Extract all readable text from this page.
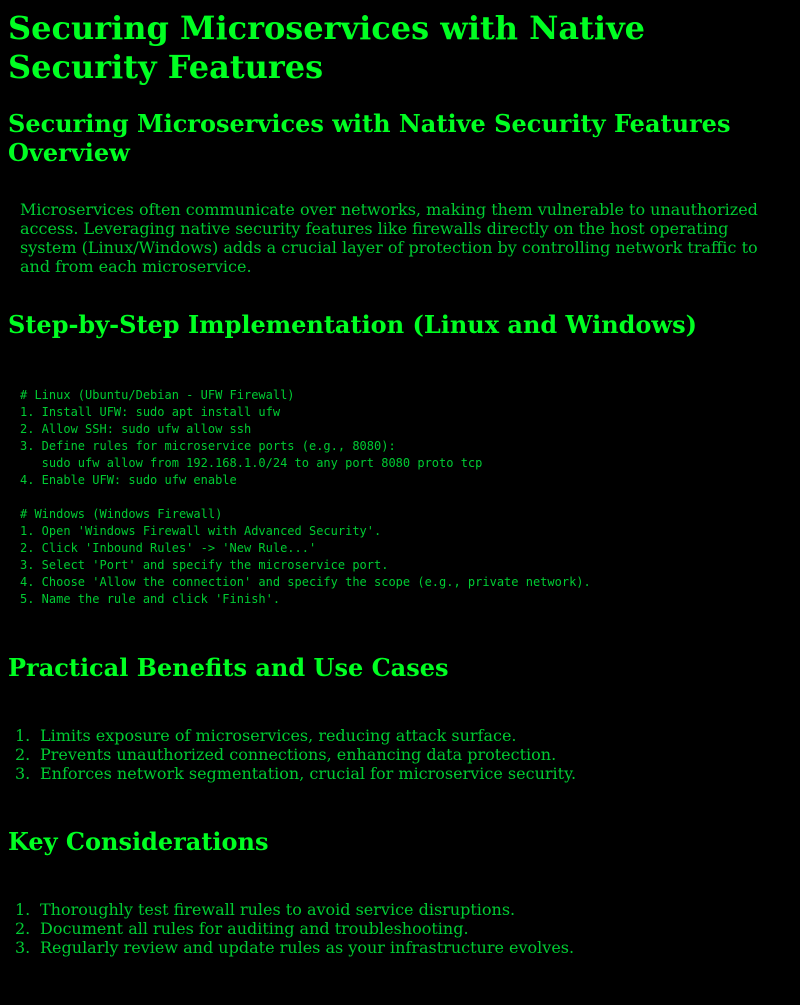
Securing Microservices with Native Security Features
Securing Microservices with Native Security Features Overview

Microservices often communicate over networks, making them vulnerable to unauthorized access. Leveraging native security features like firewalls directly on the host operating system (Linux/Windows) adds a crucial layer of protection by controlling network traffic to and from each microservice.

Step-by-Step Implementation (Linux and Windows)
# Linux (Ubuntu/Debian - UFW Firewall)
1. Install UFW: sudo apt install ufw
2. Allow SSH: sudo ufw allow ssh
3. Define rules for microservice ports (e.g., 8080):
sudo ufw allow from 192.168.1.0/24 to any port 8080 proto tcp
4. Enable UFW: sudo ufw enable

# Windows (Windows Firewall)
1. Open 'Windows Firewall with Advanced Security'.
2. Click 'Inbound Rules' -> 'New Rule...'
3. Select 'Port' and specify the microservice port.
4. Choose 'Allow the connection' and specify the scope (e.g., private network).
5. Name the rule and click 'Finish'.
Practical Benefits and Use Cases
1. Limits exposure of microservices, reducing attack surface.
2. Prevents unauthorized connections, enhancing data protection.
3. Enforces network segmentation, crucial for microservice security.
Key Considerations
1. Thoroughly test firewall rules to avoid service disruptions.
2. Document all rules for auditing and troubleshooting.
3. Regularly review and update rules as your infrastructure evolves.
